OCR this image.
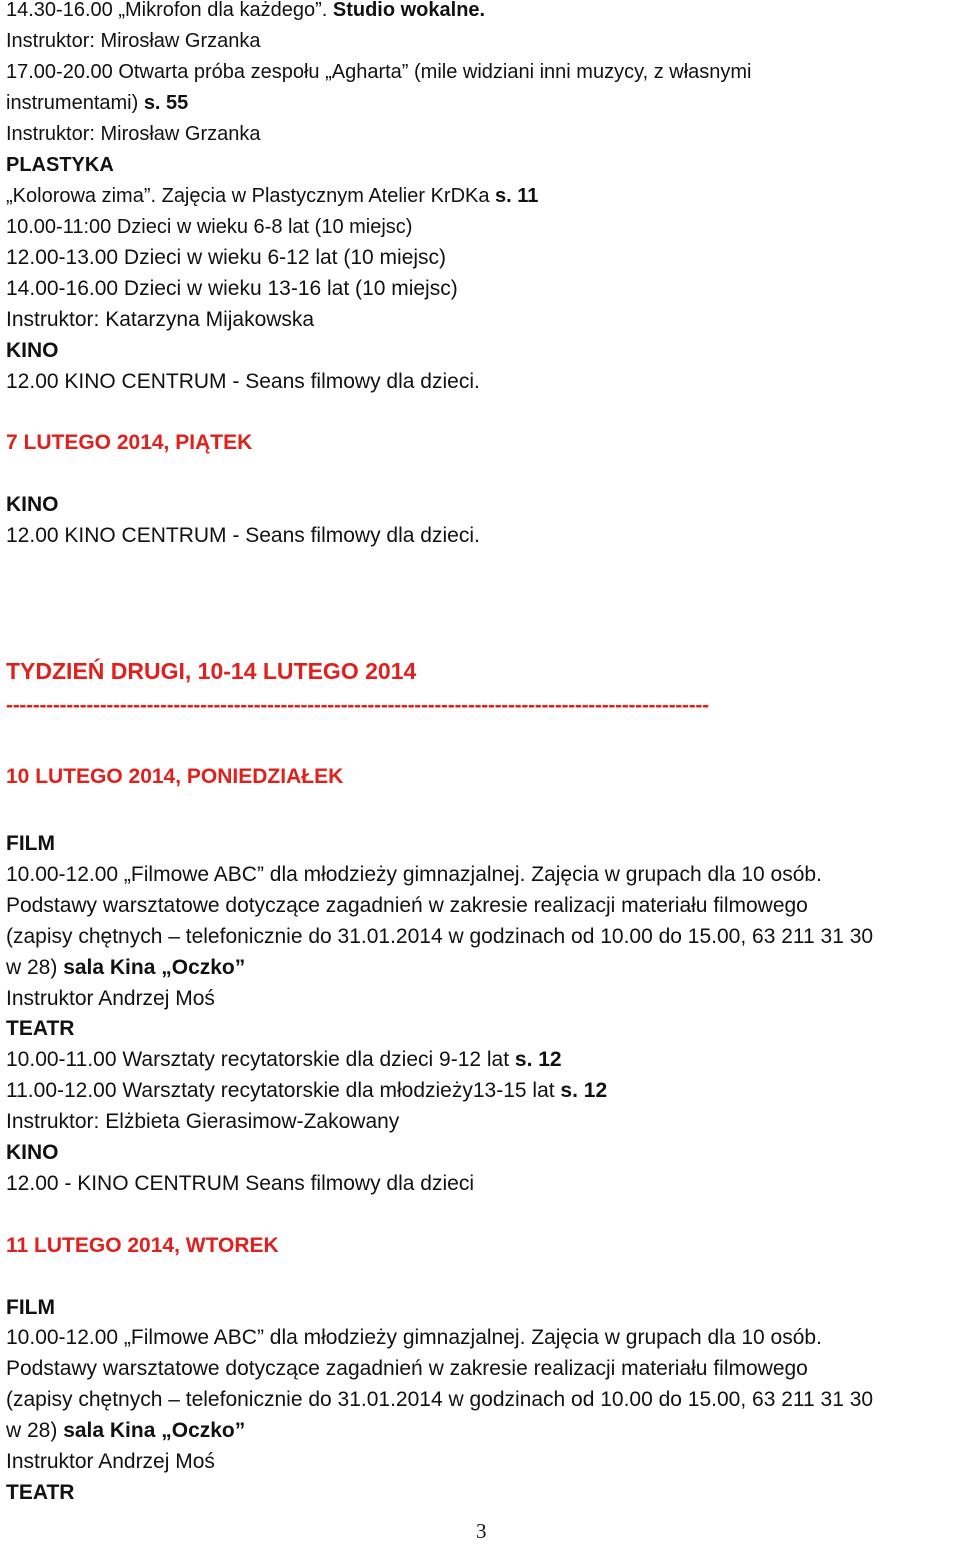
14.30-16.00 „Mikrofon dla każdego”. Studio wokalne.
Instruktor: Mirosław Grzanka
17.00-20.00 Otwarta próba zespołu „Agharta” (mile widziani inni muzycy, z własnymi
instrumentami) s. 55
Instruktor: Mirosław Grzanka
PLASTYKA
„Kolorowa zima”. Zajęcia w Plastycznym Atelier KrDKa s. 11
10.00-11:00 Dzieci w wieku 6-8 lat (10 miejsc)
12.00-13.00 Dzieci w wieku 6-12 lat (10 miejsc)
14.00-16.00 Dzieci w wieku 13-16 lat (10 miejsc)
Instruktor: Katarzyna Mijakowska
KINO
12.00 KINO CENTRUM - Seans filmowy dla dzieci.
7 LUTEGO 2014, PIĄTEK
KINO
12.00 KINO CENTRUM - Seans filmowy dla dzieci.
TYDZIEŃ DRUGI, 10-14 LUTEGO 2014
---------------------------------------------------------------------------------------------------------
10 LUTEGO 2014, PONIEDZIAŁEK
FILM
10.00-12.00 „Filmowe ABC” dla młodzieży gimnazjalnej. Zajęcia w grupach dla 10 osób.
Podstawy warsztatowe dotyczące zagadnień w zakresie realizacji materiału filmowego
(zapisy chętnych – telefonicznie do 31.01.2014 w godzinach od 10.00 do 15.00, 63 211 31 30
w 28) sala Kina „Oczko”
Instruktor Andrzej Moś
TEATR
10.00-11.00 Warsztaty recytatorskie dla dzieci 9-12 lat s. 12
11.00-12.00 Warsztaty recytatorskie dla młodzieży13-15 lat s. 12
Instruktor: Elżbieta Gierasimow-Zakowany
KINO
12.00 - KINO CENTRUM Seans filmowy dla dzieci
11 LUTEGO 2014, WTOREK
FILM
10.00-12.00 „Filmowe ABC” dla młodzieży gimnazjalnej. Zajęcia w grupach dla 10 osób.
Podstawy warsztatowe dotyczące zagadnień w zakresie realizacji materiału filmowego
(zapisy chętnych – telefonicznie do 31.01.2014 w godzinach od 10.00 do 15.00, 63 211 31 30
w 28) sala Kina „Oczko”
Instruktor Andrzej Moś
TEATR
3
